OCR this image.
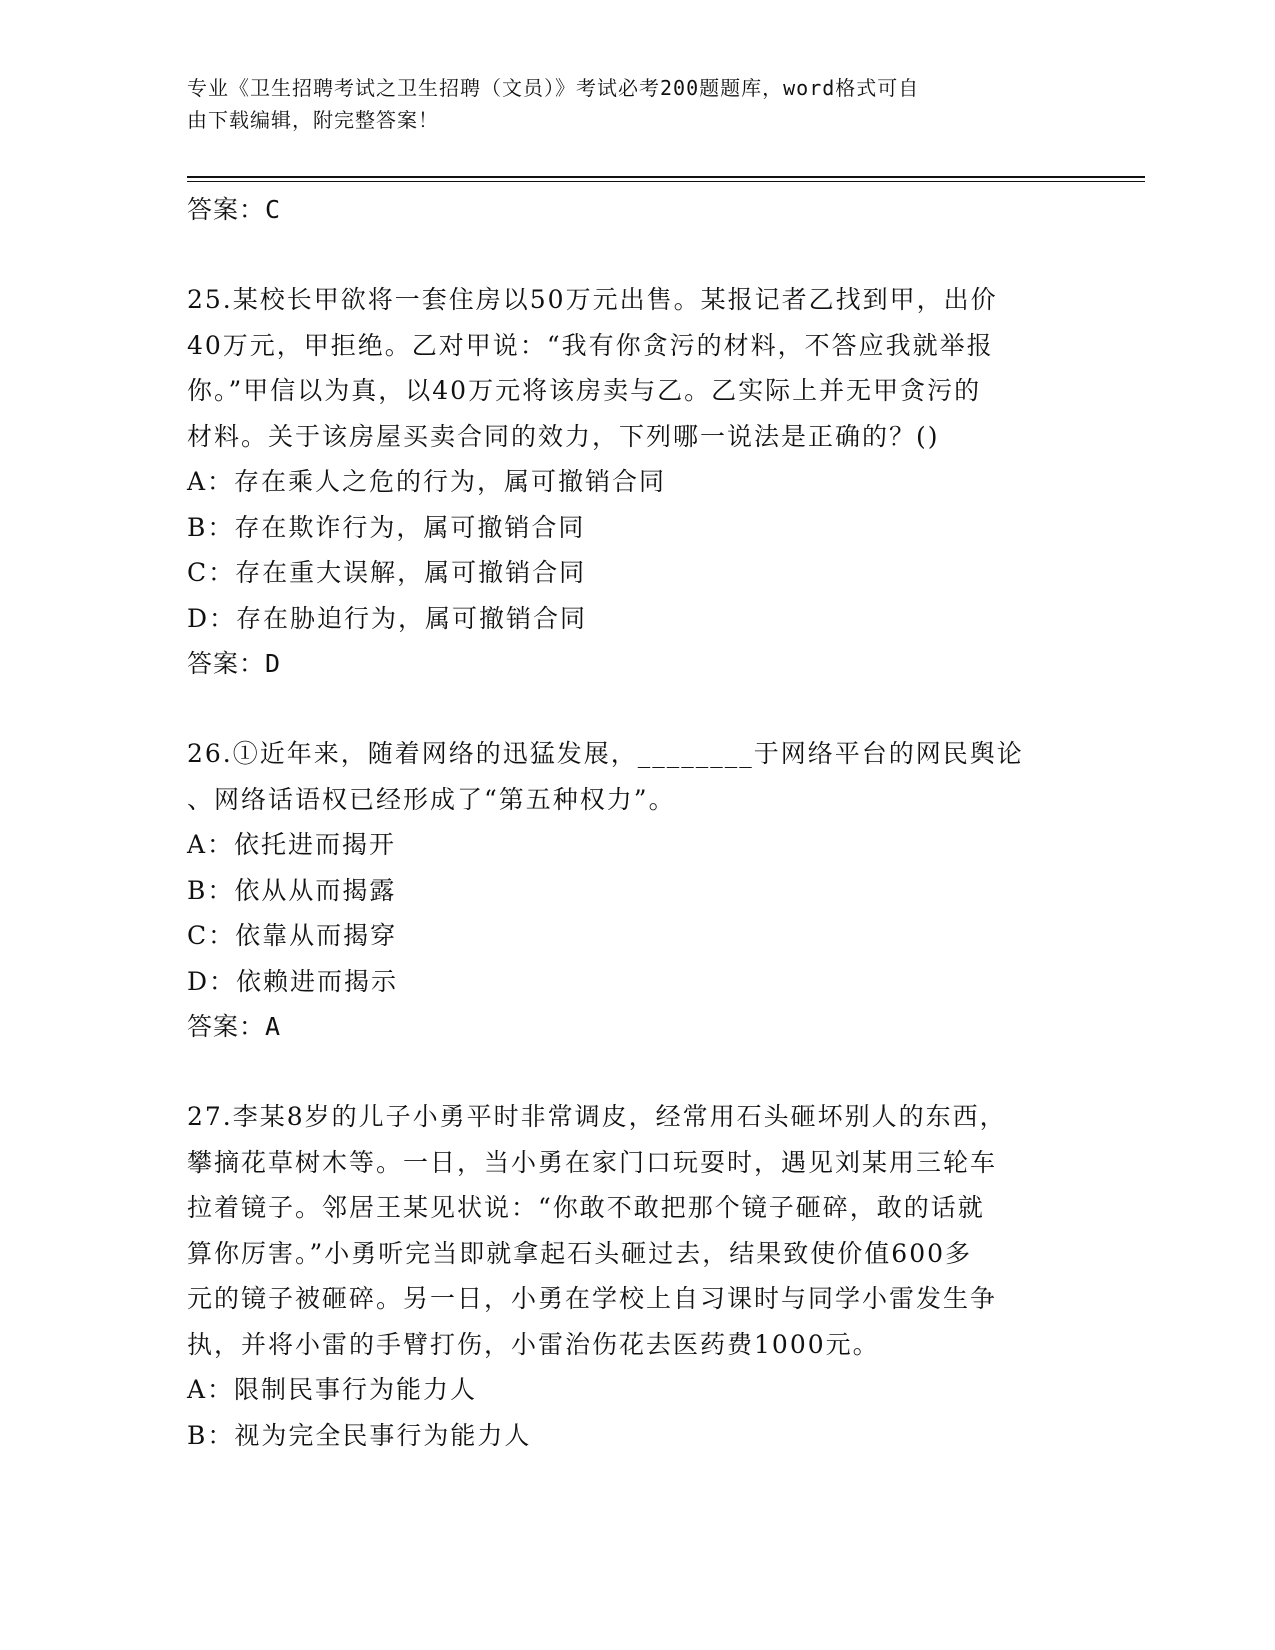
专业《卫生招聘考试之卫生招聘（文员）》考试必考200题题库，word格式可自
由下载编辑，附完整答案！
答案：C
25.某校长甲欲将一套住房以50万元出售。某报记者乙找到甲，出价
40万元，甲拒绝。乙对甲说：“我有你贪污的材料，不答应我就举报
你。”甲信以为真，以40万元将该房卖与乙。乙实际上并无甲贪污的
材料。关于该房屋买卖合同的效力，下列哪一说法是正确的？()
A：存在乘人之危的行为，属可撤销合同
B：存在欺诈行为，属可撤销合同
C：存在重大误解，属可撤销合同
D：存在胁迫行为，属可撤销合同
答案：D
26.①近年来，随着网络的迅猛发展，________于网络平台的网民舆论
、网络话语权已经形成了“第五种权力”。
A：依托进而揭开
B：依从从而揭露
C：依靠从而揭穿
D：依赖进而揭示
答案：A
27.李某8岁的儿子小勇平时非常调皮，经常用石头砸坏别人的东西，
攀摘花草树木等。一日，当小勇在家门口玩耍时，遇见刘某用三轮车
拉着镜子。邻居王某见状说：“你敢不敢把那个镜子砸碎，敢的话就
算你厉害。”小勇听完当即就拿起石头砸过去，结果致使价值600多
元的镜子被砸碎。另一日，小勇在学校上自习课时与同学小雷发生争
执，并将小雷的手臂打伤，小雷治伤花去医药费1000元。
A：限制民事行为能力人
B：视为完全民事行为能力人
